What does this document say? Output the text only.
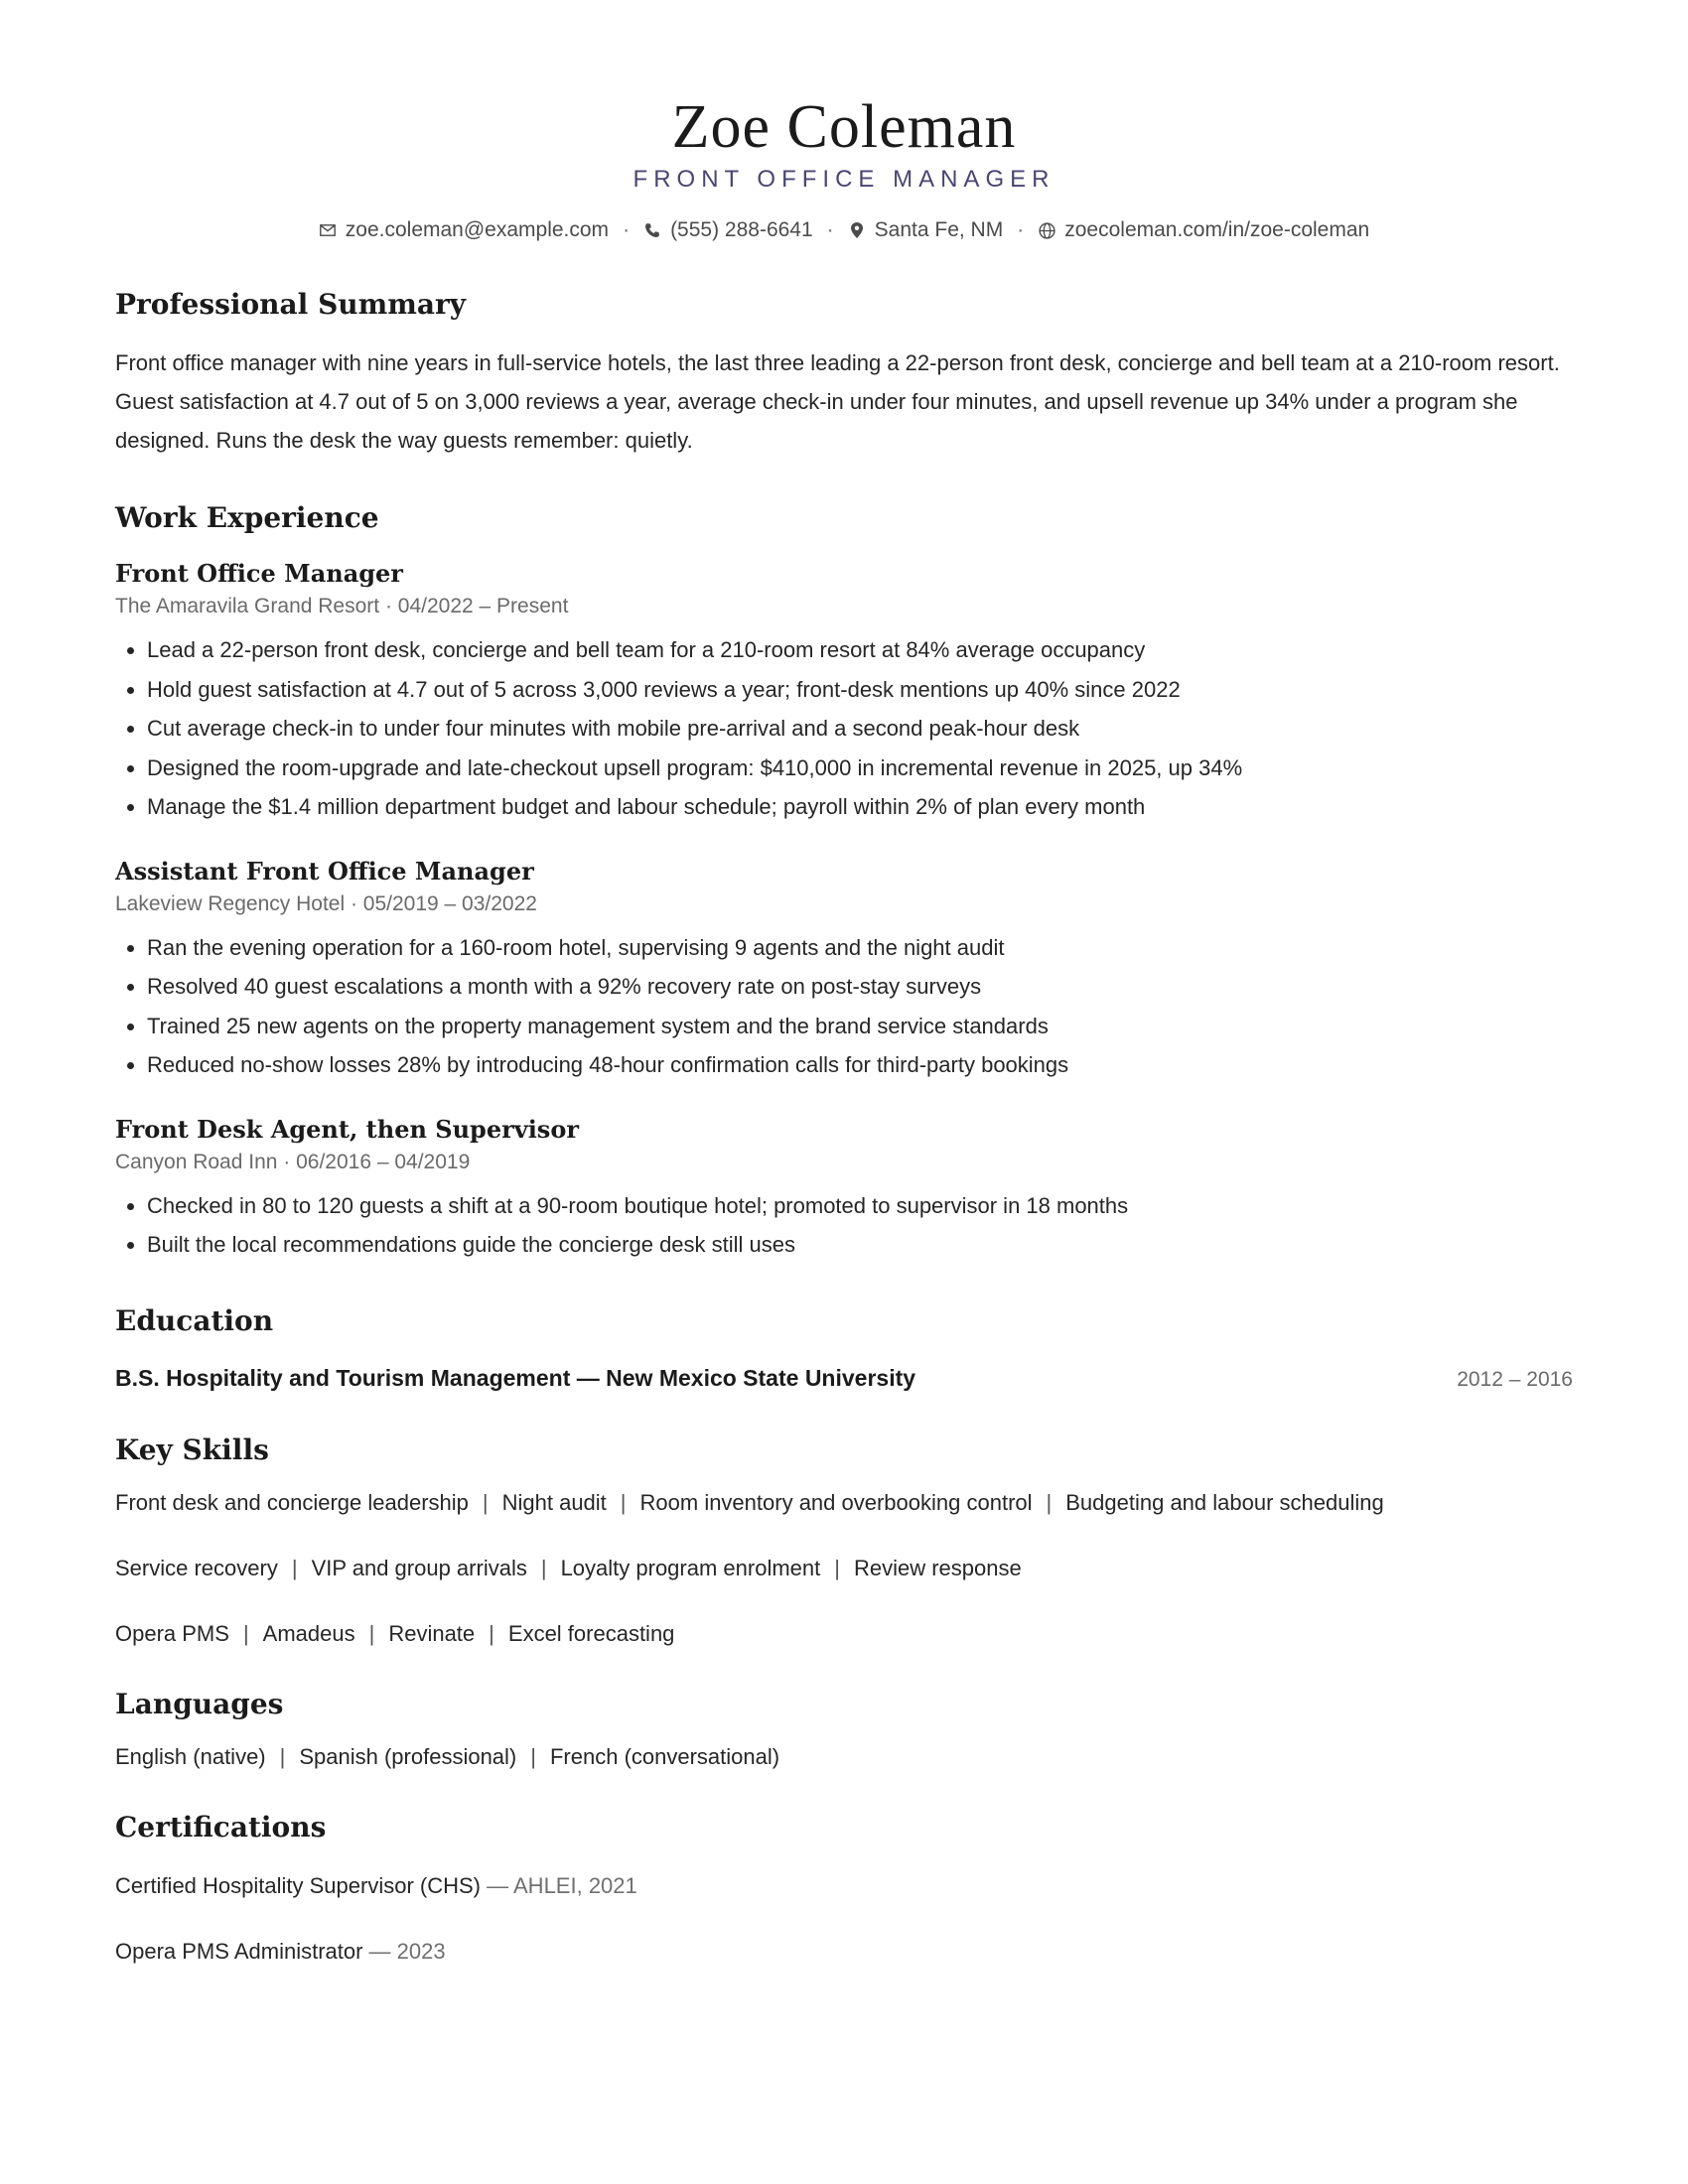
Zoe Coleman
FRONT OFFICE MANAGER
zoe.coleman@example.com · (555) 288-6641 · Santa Fe, NM · zoecoleman.com/in/zoe-coleman
Professional Summary
Front office manager with nine years in full-service hotels, the last three leading a 22-person front desk, concierge and bell team at a 210-room resort. Guest satisfaction at 4.7 out of 5 on 3,000 reviews a year, average check-in under four minutes, and upsell revenue up 34% under a program she designed. Runs the desk the way guests remember: quietly.
Work Experience
Front Office Manager
The Amaravila Grand Resort · 04/2022 – Present
• Lead a 22-person front desk, concierge and bell team for a 210-room resort at 84% average occupancy
• Hold guest satisfaction at 4.7 out of 5 across 3,000 reviews a year; front-desk mentions up 40% since 2022
• Cut average check-in to under four minutes with mobile pre-arrival and a second peak-hour desk
• Designed the room-upgrade and late-checkout upsell program: $410,000 in incremental revenue in 2025, up 34%
• Manage the $1.4 million department budget and labour schedule; payroll within 2% of plan every month
Assistant Front Office Manager
Lakeview Regency Hotel · 05/2019 – 03/2022
• Ran the evening operation for a 160-room hotel, supervising 9 agents and the night audit
• Resolved 40 guest escalations a month with a 92% recovery rate on post-stay surveys
• Trained 25 new agents on the property management system and the brand service standards
• Reduced no-show losses 28% by introducing 48-hour confirmation calls for third-party bookings
Front Desk Agent, then Supervisor
Canyon Road Inn · 06/2016 – 04/2019
• Checked in 80 to 120 guests a shift at a 90-room boutique hotel; promoted to supervisor in 18 months
• Built the local recommendations guide the concierge desk still uses
Education
B.S. Hospitality and Tourism Management — New Mexico State University	2012 – 2016
Key Skills
Front desk and concierge leadership | Night audit | Room inventory and overbooking control | Budgeting and labour scheduling
Service recovery | VIP and group arrivals | Loyalty program enrolment | Review response
Opera PMS | Amadeus | Revinate | Excel forecasting
Languages
English (native) | Spanish (professional) | French (conversational)
Certifications
Certified Hospitality Supervisor (CHS) — AHLEI, 2021
Opera PMS Administrator — 2023
